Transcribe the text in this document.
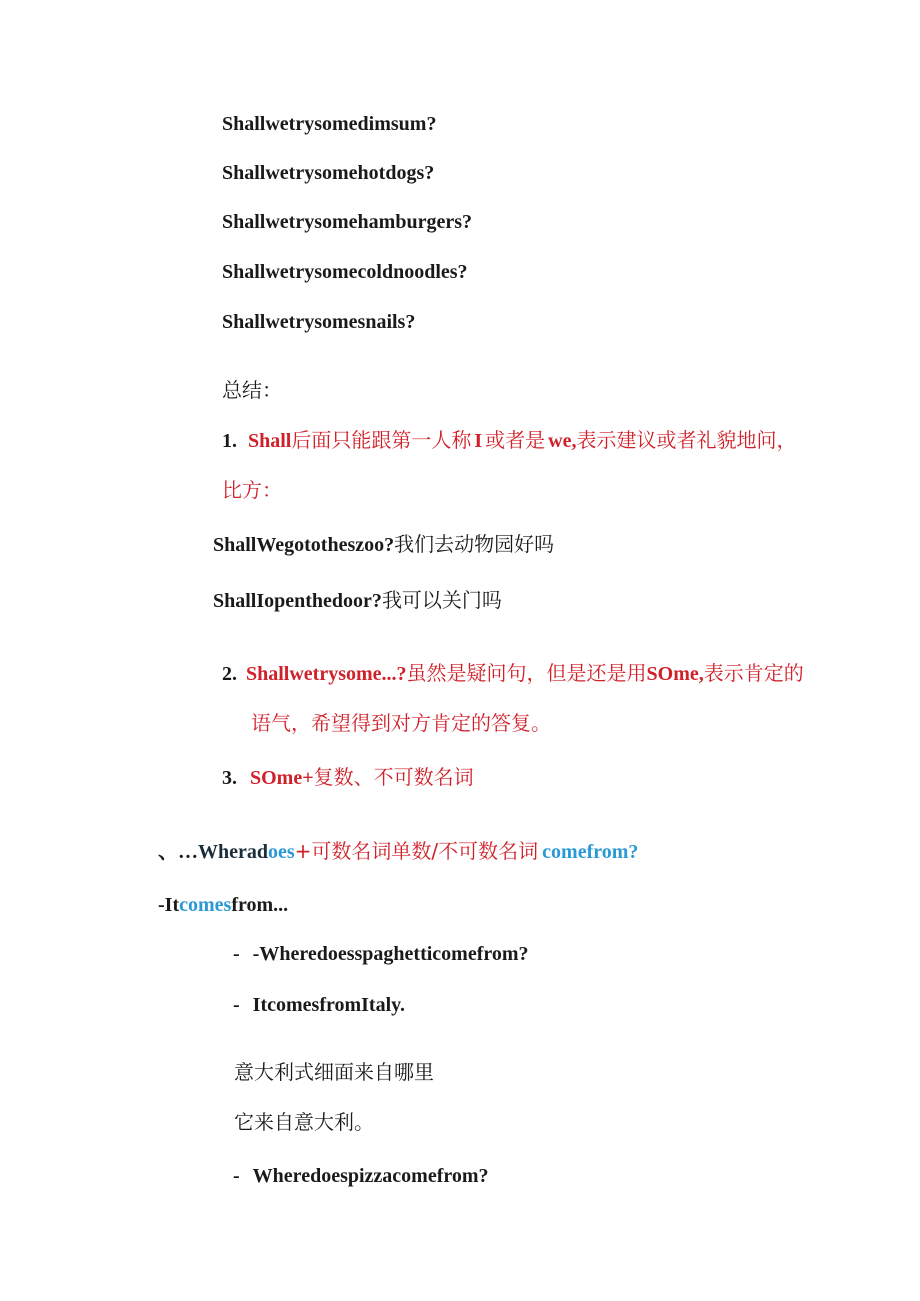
Shallwetrysomedimsum?
Shallwetrysomehotdogs?
Shallwetrysomehamburgers?
Shallwetrysomecoldnoodles?
Shallwetrysomesnails?
总结：
1. Shall后面只能跟第一人称 I 或者是 we,表示建议或者礼貌地问，
比方：
ShallWegototheszoo?我们去动物园好吗
ShallIopenthedoor?我可以关门吗
2. Shallwetrysome...?虽然是疑问句，但是还是用SOme,表示肯定的
语气，希望得到对方肯定的答复。
3. SOme+复数、不可数名词
、…Wheradoes+可数名词单数/不可数名词 comefrom?
-Itcomesfrom...
- -Wheredoesspaghetticomefrom?
- ItcomesfromItaly.
意大利式细面来自哪里
它来自意大利。
- Wheredoespizzacomefrom?
